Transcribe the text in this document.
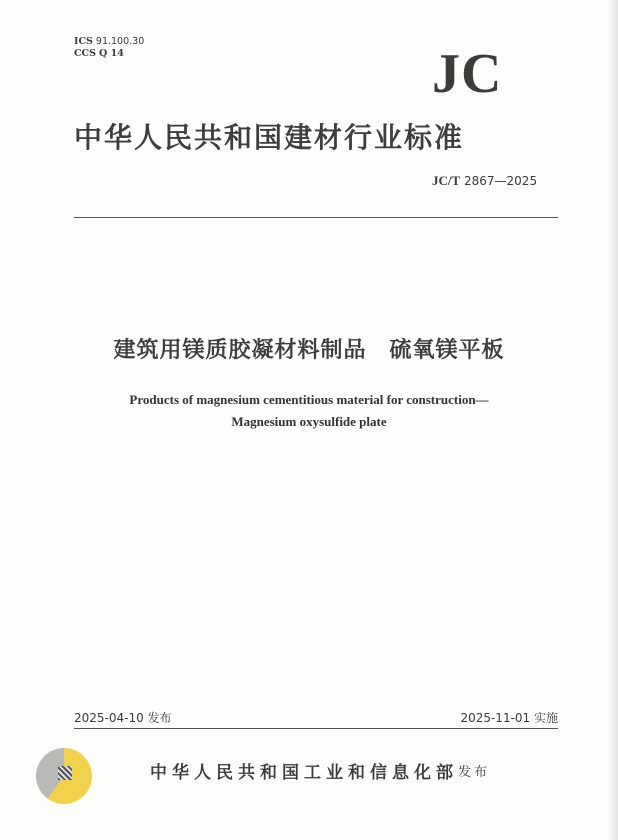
ICS 91.100.30
CCS Q 14	JC
中华人民共和国建材行业标准
JC/T 2867—2025
建筑用镁质胶凝材料制品　硫氧镁平板
Products of magnesium cementitious material for construction—
Magnesium oxysulfide plate
2025-04-10 发布	2025-11-01 实施
中华人民共和国工业和信息化部 发布
